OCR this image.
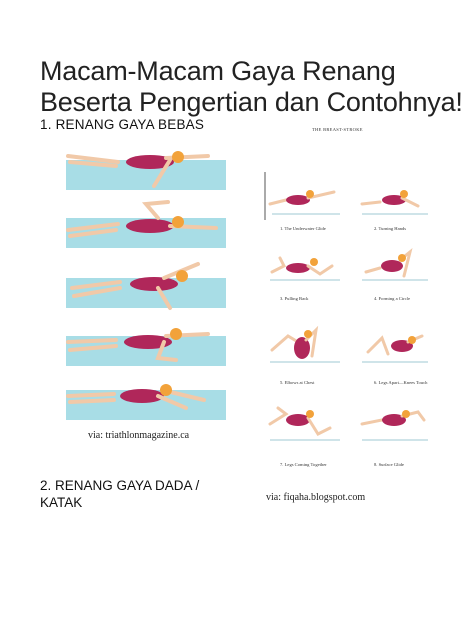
Macam-Macam Gaya Renang
Beserta Pengertian dan Contohnya!
1. RENANG GAYA BEBAS
via: triathlonmagazine.ca
THE BREAST-STROKE
1. The Underwater Glide	2. Turning Hands
3. Pulling Back	4. Forming a Circle
5. Elbows at Chest	6. Legs Apart—Knees Touch
7. Legs Coming Together	8. Surface Glide
2. RENANG GAYA DADA /
KATAK	via: fiqaha.blogspot.com
